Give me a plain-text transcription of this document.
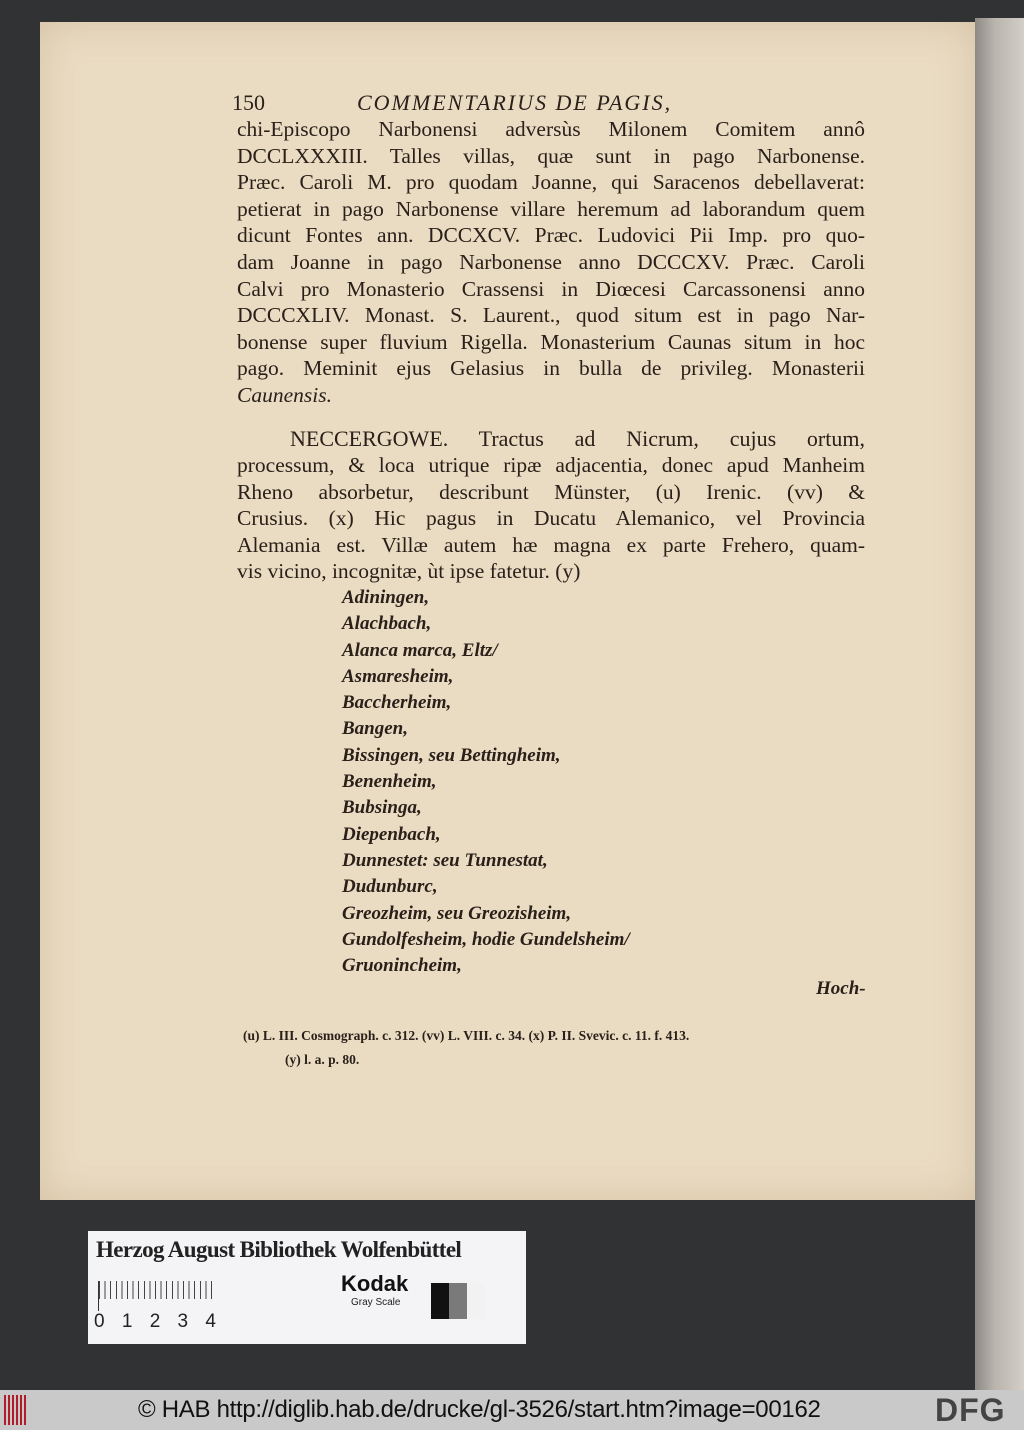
150	COMMENTARIUS DE PAGIS,
Adiningen,
Alachbach,
Alanca marca, Eltz/
Asmaresheim,
Baccherheim,
Bangen,
Bissingen, seu Bettingheim,
Benenheim,
Bubsinga,
Diepenbach,
Dunnestet: seu Tunnestat,
Dudunburc,
Greozheim, seu Greozisheim,
Gundolfesheim, hodie Gundelsheim/
Gruonincheim,
Hoch-
(u) L. III. Cosmograph. c. 312. (vv) L. VIII. c. 34. (x) P. II. Svevic. c. 11. f. 413.
(y) l. a. p. 80.
Herzog August Bibliothek Wolfenbüttel
0 1 2 3 4
Kodak
Gray Scale
© HAB http://diglib.hab.de/drucke/gl-3526/start.htm?image=00162	DFG
chi-Episcopo Narbonensi adversùs Milonem Comitem annô
DCCLXXXIII. Talles villas, quæ sunt in pago Narbonense.
Præc. Caroli M. pro quodam Joanne, qui Saracenos debellaverat:
petierat in pago Narbonense villare heremum ad laborandum quem
dicunt Fontes ann. DCCXCV. Præc. Ludovici Pii Imp. pro quo-
dam Joanne in pago Narbonense anno DCCCXV. Præc. Caroli
Calvi pro Monasterio Crassensi in Diœcesi Carcassonensi anno
DCCCXLIV. Monast. S. Laurent., quod situm est in pago Nar-
bonense super fluvium Rigella. Monasterium Caunas situm in hoc
pago. Meminit ejus Gelasius in bulla de privileg. Monasterii
Caunensis.
NECCERGOWE. Tractus ad Nicrum, cujus ortum,
processum, & loca utrique ripæ adjacentia, donec apud Manheim
Rheno absorbetur, describunt Münster, (u) Irenic. (vv) &
Crusius. (x) Hic pagus in Ducatu Alemanico, vel Provincia
Alemania est. Villæ autem hæ magna ex parte Frehero, quam-
vis vicino, incognitæ, ùt ipse fatetur. (y)
